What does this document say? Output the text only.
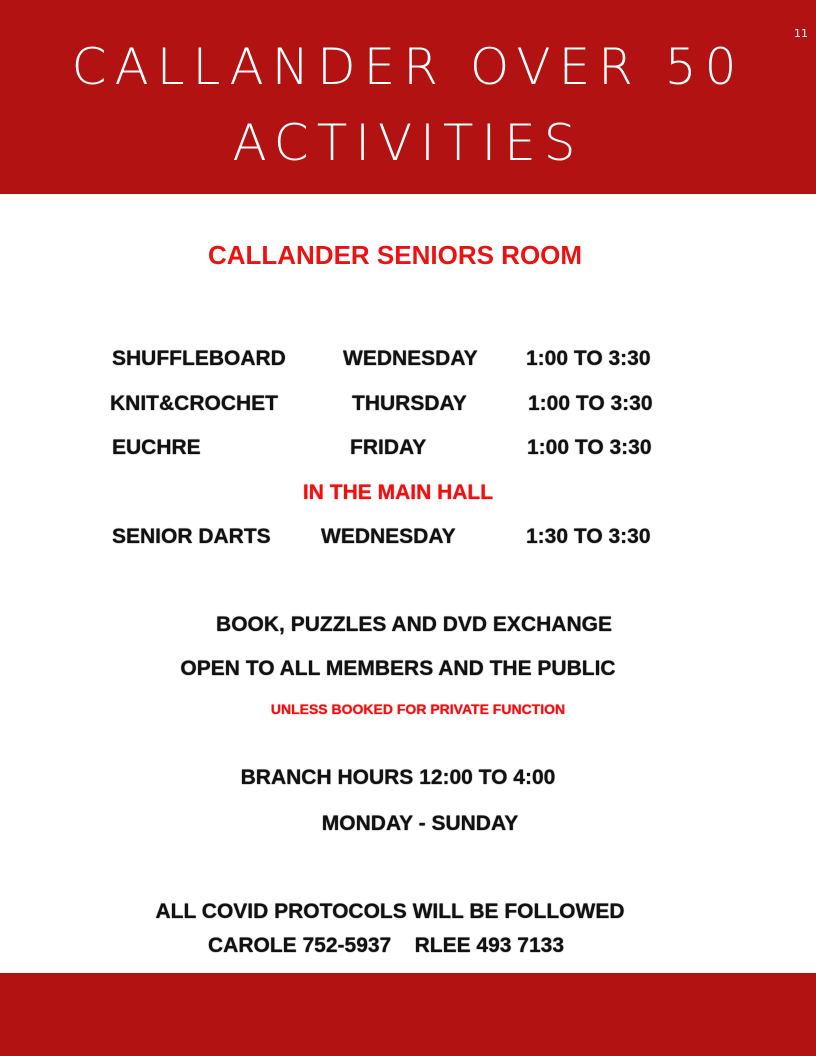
11
CALLANDER OVER 50
ACTIVITIES
CALLANDER SENIORS ROOM
SHUFFLEBOARD	WEDNESDAY 1:00 TO 3:30
KNIT&CROCHET	THURSDAY	1:00 TO 3:30
EUCHRE	FRIDAY	1:00 TO 3:30
IN THE MAIN HALL
SENIOR DARTS WEDNESDAY	1:30 TO 3:30
BOOK, PUZZLES AND DVD EXCHANGE
OPEN TO ALL MEMBERS AND THE PUBLIC
UNLESS BOOKED FOR PRIVATE FUNCTION
BRANCH HOURS 12:00 TO 4:00
MONDAY - SUNDAY
ALL COVID PROTOCOLS WILL BE FOLLOWED
CAROLE 752-5937    RLEE 493 7133
